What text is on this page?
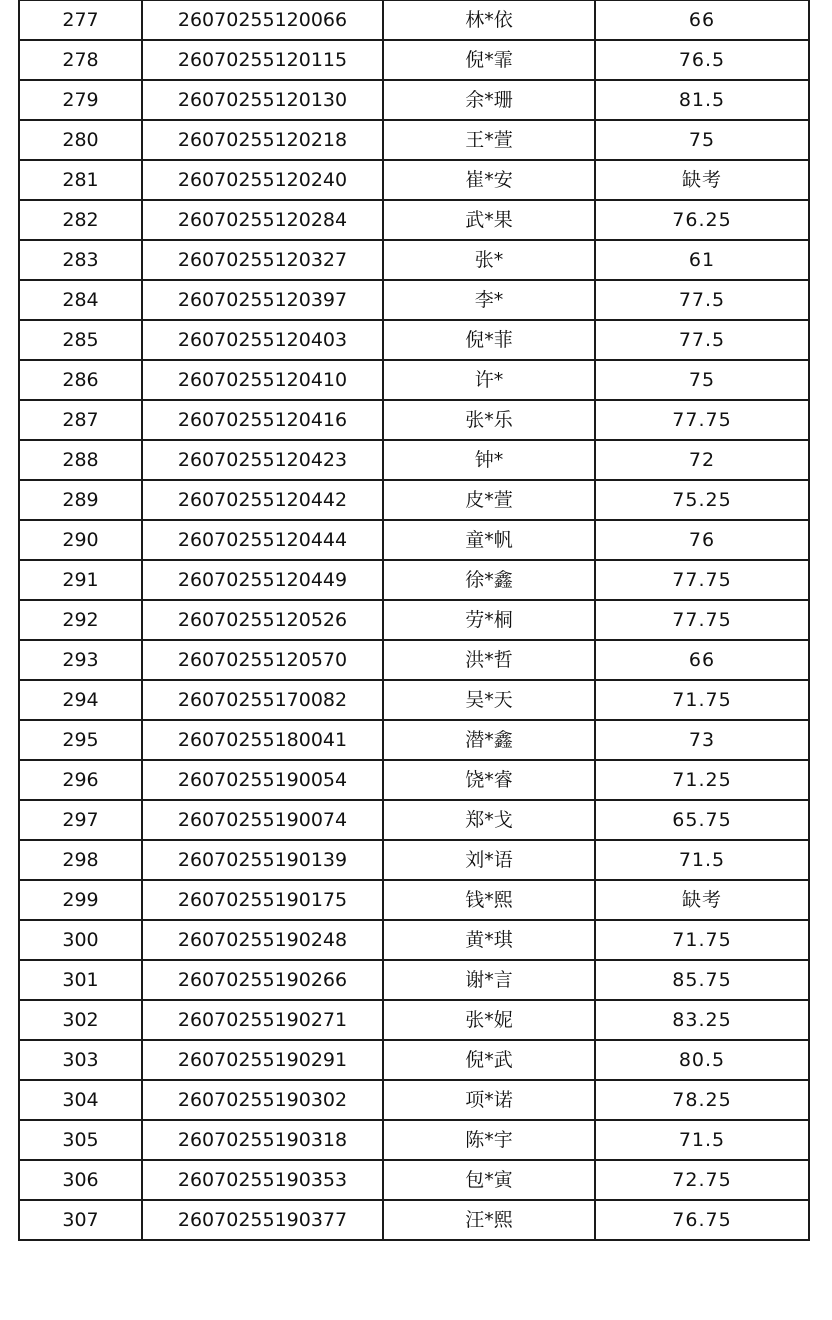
277	26070255120066	林*依	66
278	26070255120115	倪*霏	76.5
279	26070255120130	余*珊	81.5
280	26070255120218	王*萱	75
281	26070255120240	崔*安	缺考
282	26070255120284	武*果	76.25
283	26070255120327	张*	61
284	26070255120397	李*	77.5
285	26070255120403	倪*菲	77.5
286	26070255120410	许*	75
287	26070255120416	张*乐	77.75
288	26070255120423	钟*	72
289	26070255120442	皮*萱	75.25
290	26070255120444	童*帆	76
291	26070255120449	徐*鑫	77.75
292	26070255120526	劳*桐	77.75
293	26070255120570	洪*哲	66
294	26070255170082	吴*天	71.75
295	26070255180041	潜*鑫	73
296	26070255190054	饶*睿	71.25
297	26070255190074	郑*戈	65.75
298	26070255190139	刘*语	71.5
299	26070255190175	钱*熙	缺考
300	26070255190248	黄*琪	71.75
301	26070255190266	谢*言	85.75
302	26070255190271	张*妮	83.25
303	26070255190291	倪*武	80.5
304	26070255190302	项*诺	78.25
305	26070255190318	陈*宇	71.5
306	26070255190353	包*寅	72.75
307	26070255190377	汪*熙	76.75
